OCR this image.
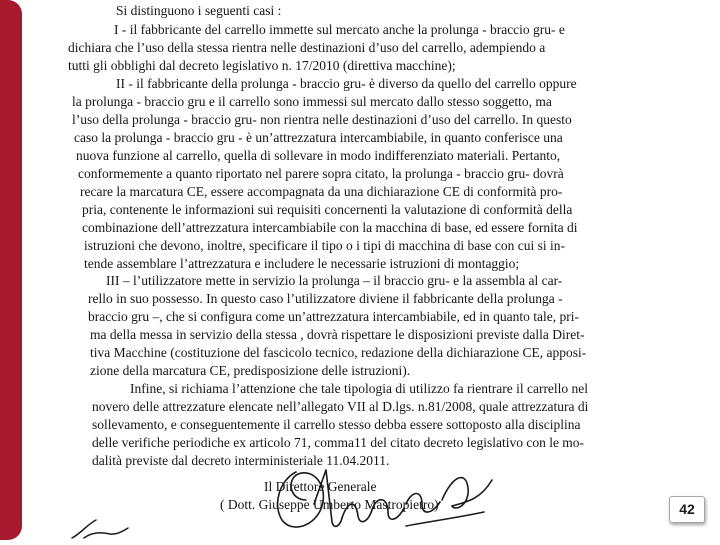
Si distinguono i seguenti casi :
I - il fabbricante del carrello immette sul mercato anche la prolunga - braccio gru- e
dichiara che l’uso della stessa rientra nelle destinazioni d’uso del carrello, adempiendo a
tutti gli obblighi dal decreto legislativo n. 17/2010 (direttiva macchine);
II - il fabbricante della prolunga - braccio gru- è diverso da quello del carrello oppure
la prolunga - braccio gru e il carrello sono immessi sul mercato dallo stesso soggetto, ma
l’uso della prolunga - braccio gru- non rientra nelle destinazioni d’uso del carrello. In questo
caso la prolunga - braccio gru - è un’attrezzatura intercambiabile, in quanto conferisce una
nuova funzione al carrello, quella di sollevare in modo indifferenziato materiali. Pertanto,
conformemente a quanto riportato nel parere sopra citato, la prolunga - braccio gru- dovrà
recare la marcatura CE, essere accompagnata da una dichiarazione CE di conformità pro-
pria, contenente le informazioni sui requisiti concernenti la valutazione di conformità della
combinazione dell’attrezzatura intercambiabile con la macchina di base, ed essere fornita di
istruzioni che devono, inoltre, specificare il tipo o i tipi di macchina di base con cui si in-
tende assemblare l’attrezzatura e includere le necessarie istruzioni di montaggio;
III – l’utilizzatore mette in servizio la prolunga – il braccio gru- e la assembla al car-
rello in suo possesso. In questo caso l’utilizzatore diviene il fabbricante della prolunga -
braccio gru –, che si configura come un’attrezzatura intercambiabile, ed in quanto tale, pri-
ma della messa in servizio della stessa , dovrà rispettare le disposizioni previste dalla Diret-
tiva Macchine (costituzione del fascicolo tecnico, redazione della dichiarazione CE, apposi-
zione della marcatura CE, predisposizione delle istruzioni).
Infine, si richiama l’attenzione che tale tipologia di utilizzo fa rientrare il carrello nel
novero delle attrezzature elencate nell’allegato VII al D.lgs. n.81/2008, quale attrezzatura di
sollevamento, e conseguentemente il carrello stesso debba essere sottoposto alla disciplina
delle verifiche periodiche ex articolo 71, comma11 del citato decreto legislativo con le mo-
dalità previste dal decreto interministeriale 11.04.2011.
Il Direttore Generale
( Dott. Giuseppe Umberto Mastropietro)	42
